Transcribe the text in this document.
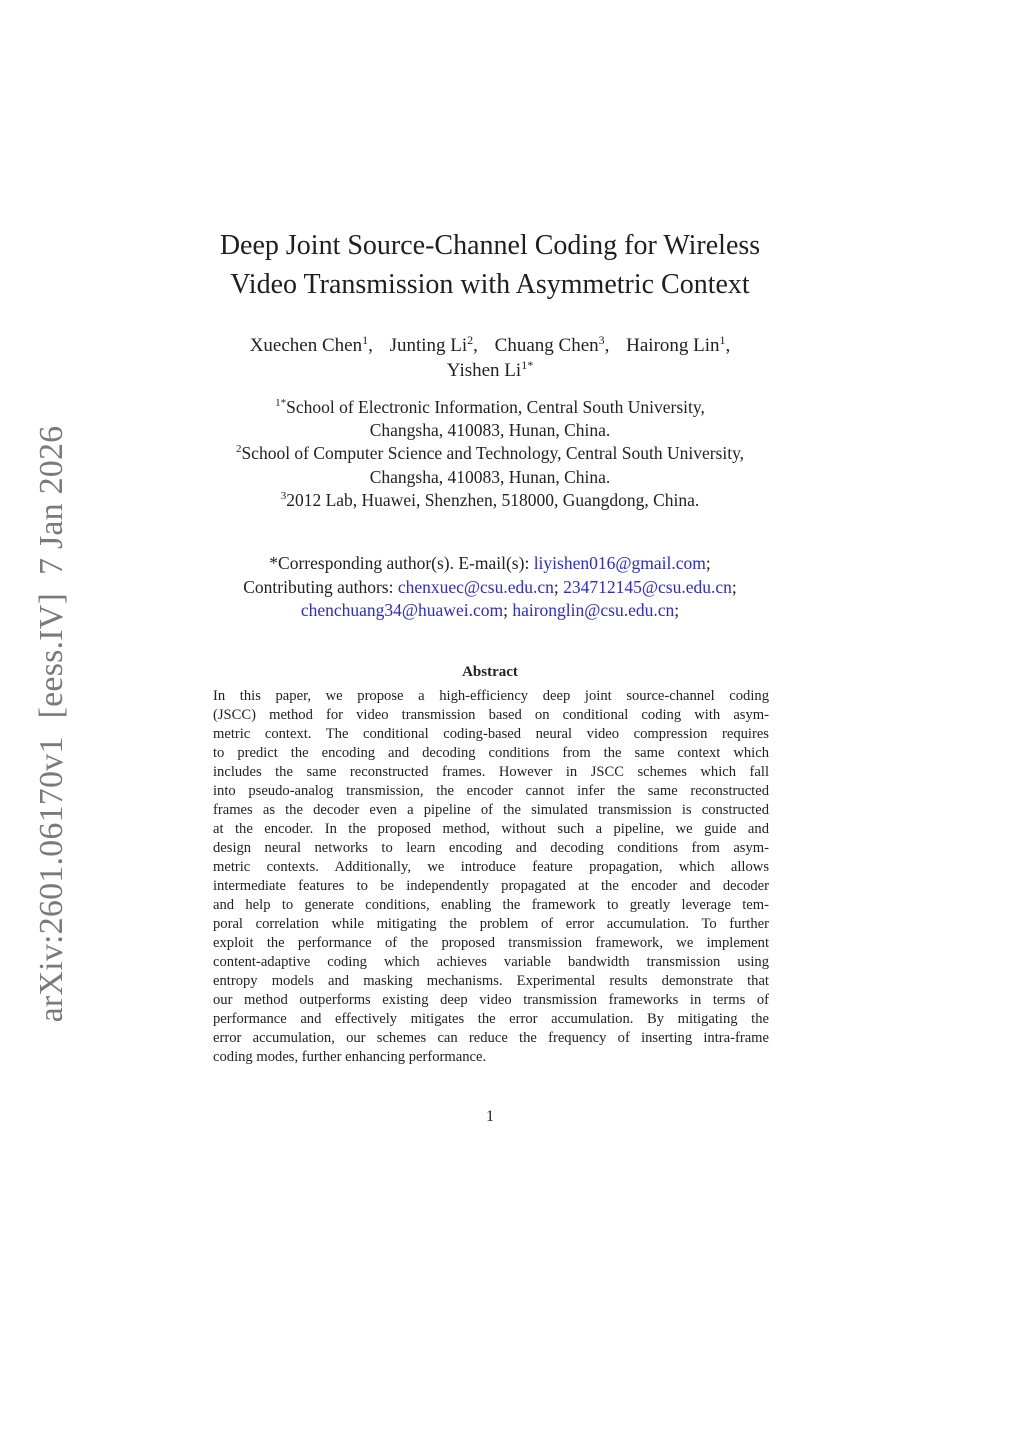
arXiv:2601.06170v1[eess.IV]7 Jan 2026
Deep Joint Source-Channel Coding for Wireless
Video Transmission with Asymmetric Context
Xuechen Chen$^1$, Junting Li$^2$, Chuang Chen$^3$, Hairong Lin$^1$,
Yishen $Li^{1*}$
$^{1*}$School of Electronic Information, Central South University,
Changsha, 410083, Hunan, China.
$^2$School of Computer Science and Technology, Central South University,
Changsha, 410083, Hunan, China.
$^3$2012 Lab, Huawei, Shenzhen, 518000, Guangdong, China.
*Corresponding author(s). E-mail(s): liyishen016@gmail.com;
Contributing authors: chenxuec@csu.edu.cn; 234712145@csu.edu.cn;
chenchuang34@huawei.com; haironglin@csu.edu.cn;
Abstract
In this paper, we propose a high-efficiency deep joint source-channel coding
(JSCC) method for video transmission based on conditional coding with asym-
metric context. The conditional coding-based neural video compression requires
to predict the encoding and decoding conditions from the same context which
includes the same reconstructed frames. However in JSCC schemes which fall
into pseudo-analog transmission, the encoder cannot infer the same reconstructed
frames as the decoder even a pipeline of the simulated transmission is constructed
at the encoder. In the proposed method, without such a pipeline, we guide and
design neural networks to learn encoding and decoding conditions from asym-
metric contexts. Additionally, we introduce feature propagation, which allows
intermediate features to be independently propagated at the encoder and decoder
and help to generate conditions, enabling the framework to greatly leverage tem-
poral correlation while mitigating the problem of error accumulation. To further
exploit the performance of the proposed transmission framework, we implement
content-adaptive coding which achieves variable bandwidth transmission using
entropy models and masking mechanisms. Experimental results demonstrate that
our method outperforms existing deep video transmission frameworks in terms of
performance and effectively mitigates the error accumulation. By mitigating the
error accumulation, our schemes can reduce the frequency of inserting intra-frame
coding modes, further enhancing performance.
1
